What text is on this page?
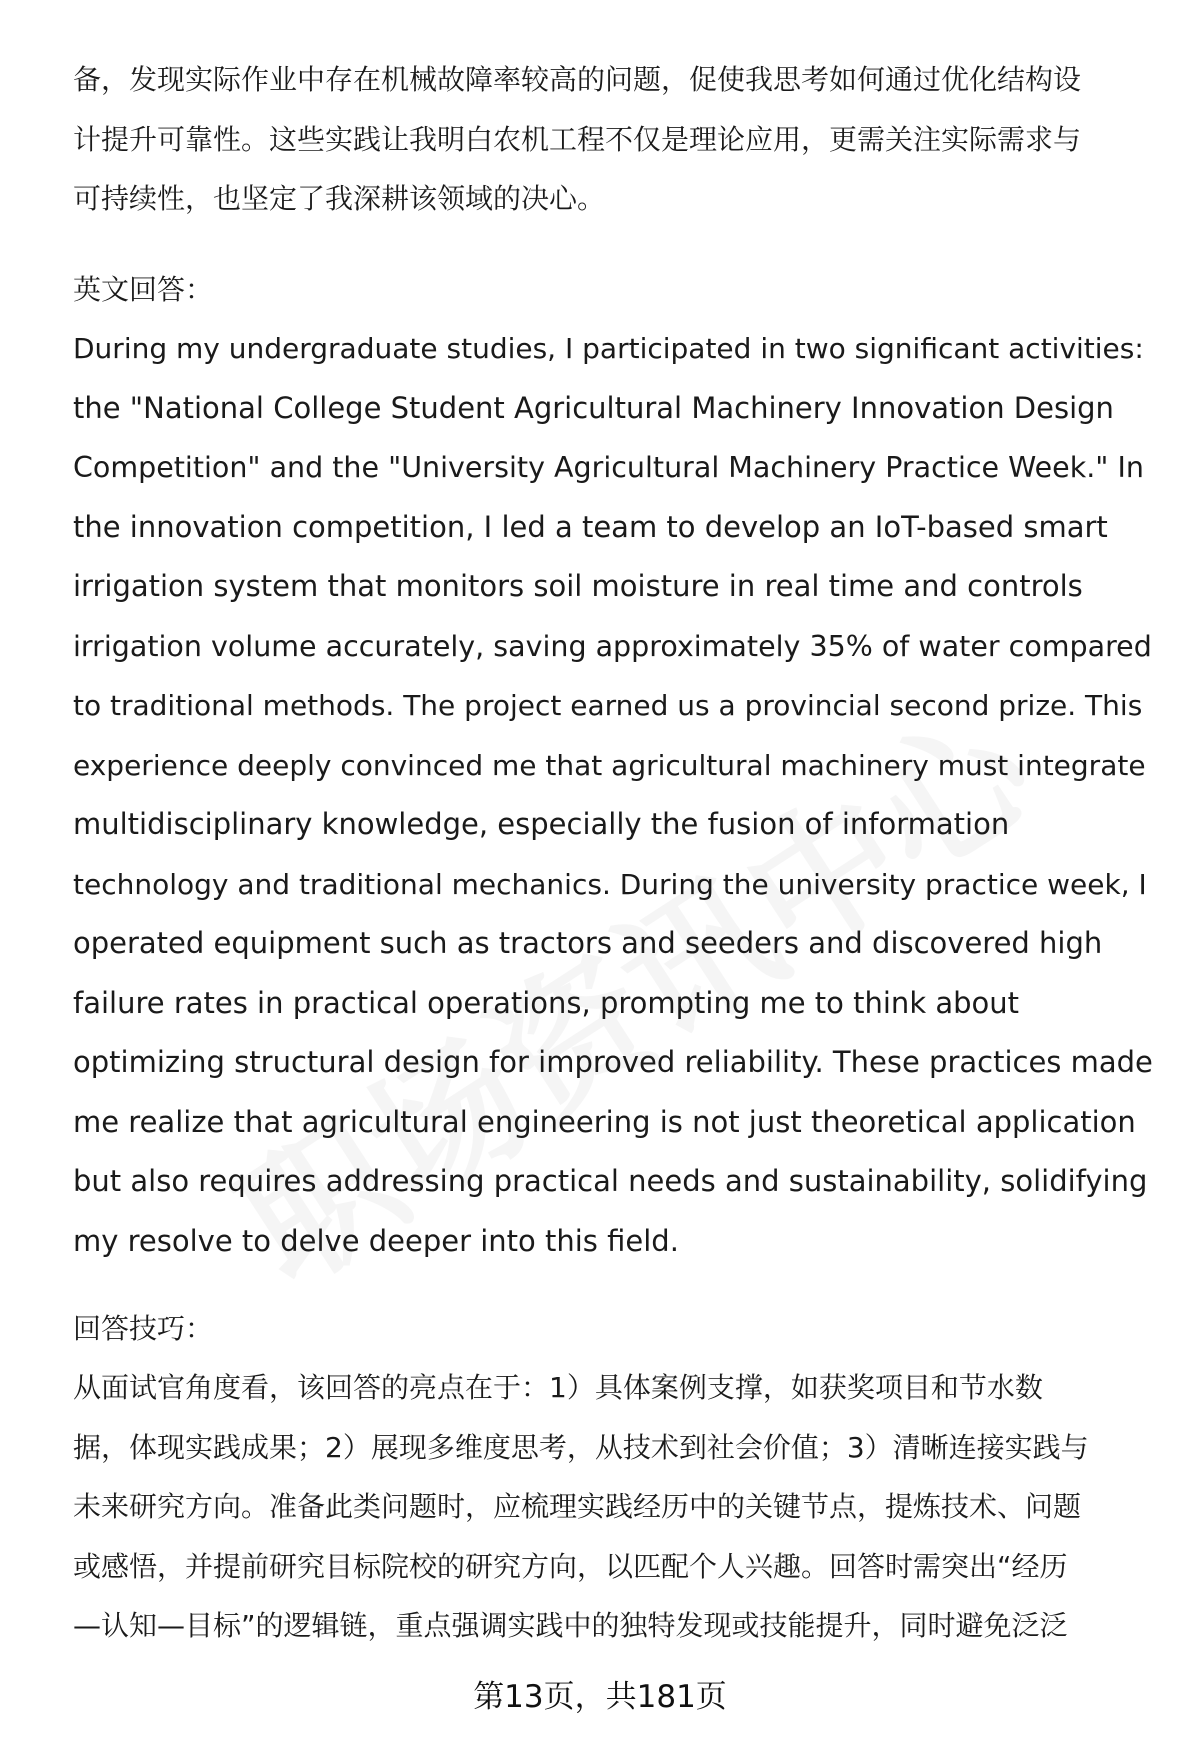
备，发现实际作业中存在机械故障率较高的问题，促使我思考如何通过优化结构设
计提升可靠性。这些实践让我明白农机工程不仅是理论应用，更需关注实际需求与
可持续性，也坚定了我深耕该领域的决心。
英文回答：
During my undergraduate studies, I participated in two significant activities:
the "National College Student Agricultural Machinery Innovation Design
Competition" and the "University Agricultural Machinery Practice Week." In
the innovation competition, I led a team to develop an IoT-based smart
irrigation system that monitors soil moisture in real time and controls
irrigation volume accurately, saving approximately 35% of water compared
to traditional methods. The project earned us a provincial second prize. This
experience deeply convinced me that agricultural machinery must integrate
multidisciplinary knowledge, especially the fusion of information
technology and traditional mechanics. During the university practice week, I
operated equipment such as tractors and seeders and discovered high
failure rates in practical operations, prompting me to think about
optimizing structural design for improved reliability. These practices made
me realize that agricultural engineering is not just theoretical application
but also requires addressing practical needs and sustainability, solidifying
my resolve to delve deeper into this field.
回答技巧：
从面试官角度看，该回答的亮点在于：1）具体案例支撑，如获奖项目和节水数
据，体现实践成果；2）展现多维度思考，从技术到社会价值；3）清晰连接实践与
未来研究方向。准备此类问题时，应梳理实践经历中的关键节点，提炼技术、问题
或感悟，并提前研究目标院校的研究方向，以匹配个人兴趣。回答时需突出“经历
—认知—目标”的逻辑链，重点强调实践中的独特发现或技能提升，同时避免泛泛
第13页，共181页
